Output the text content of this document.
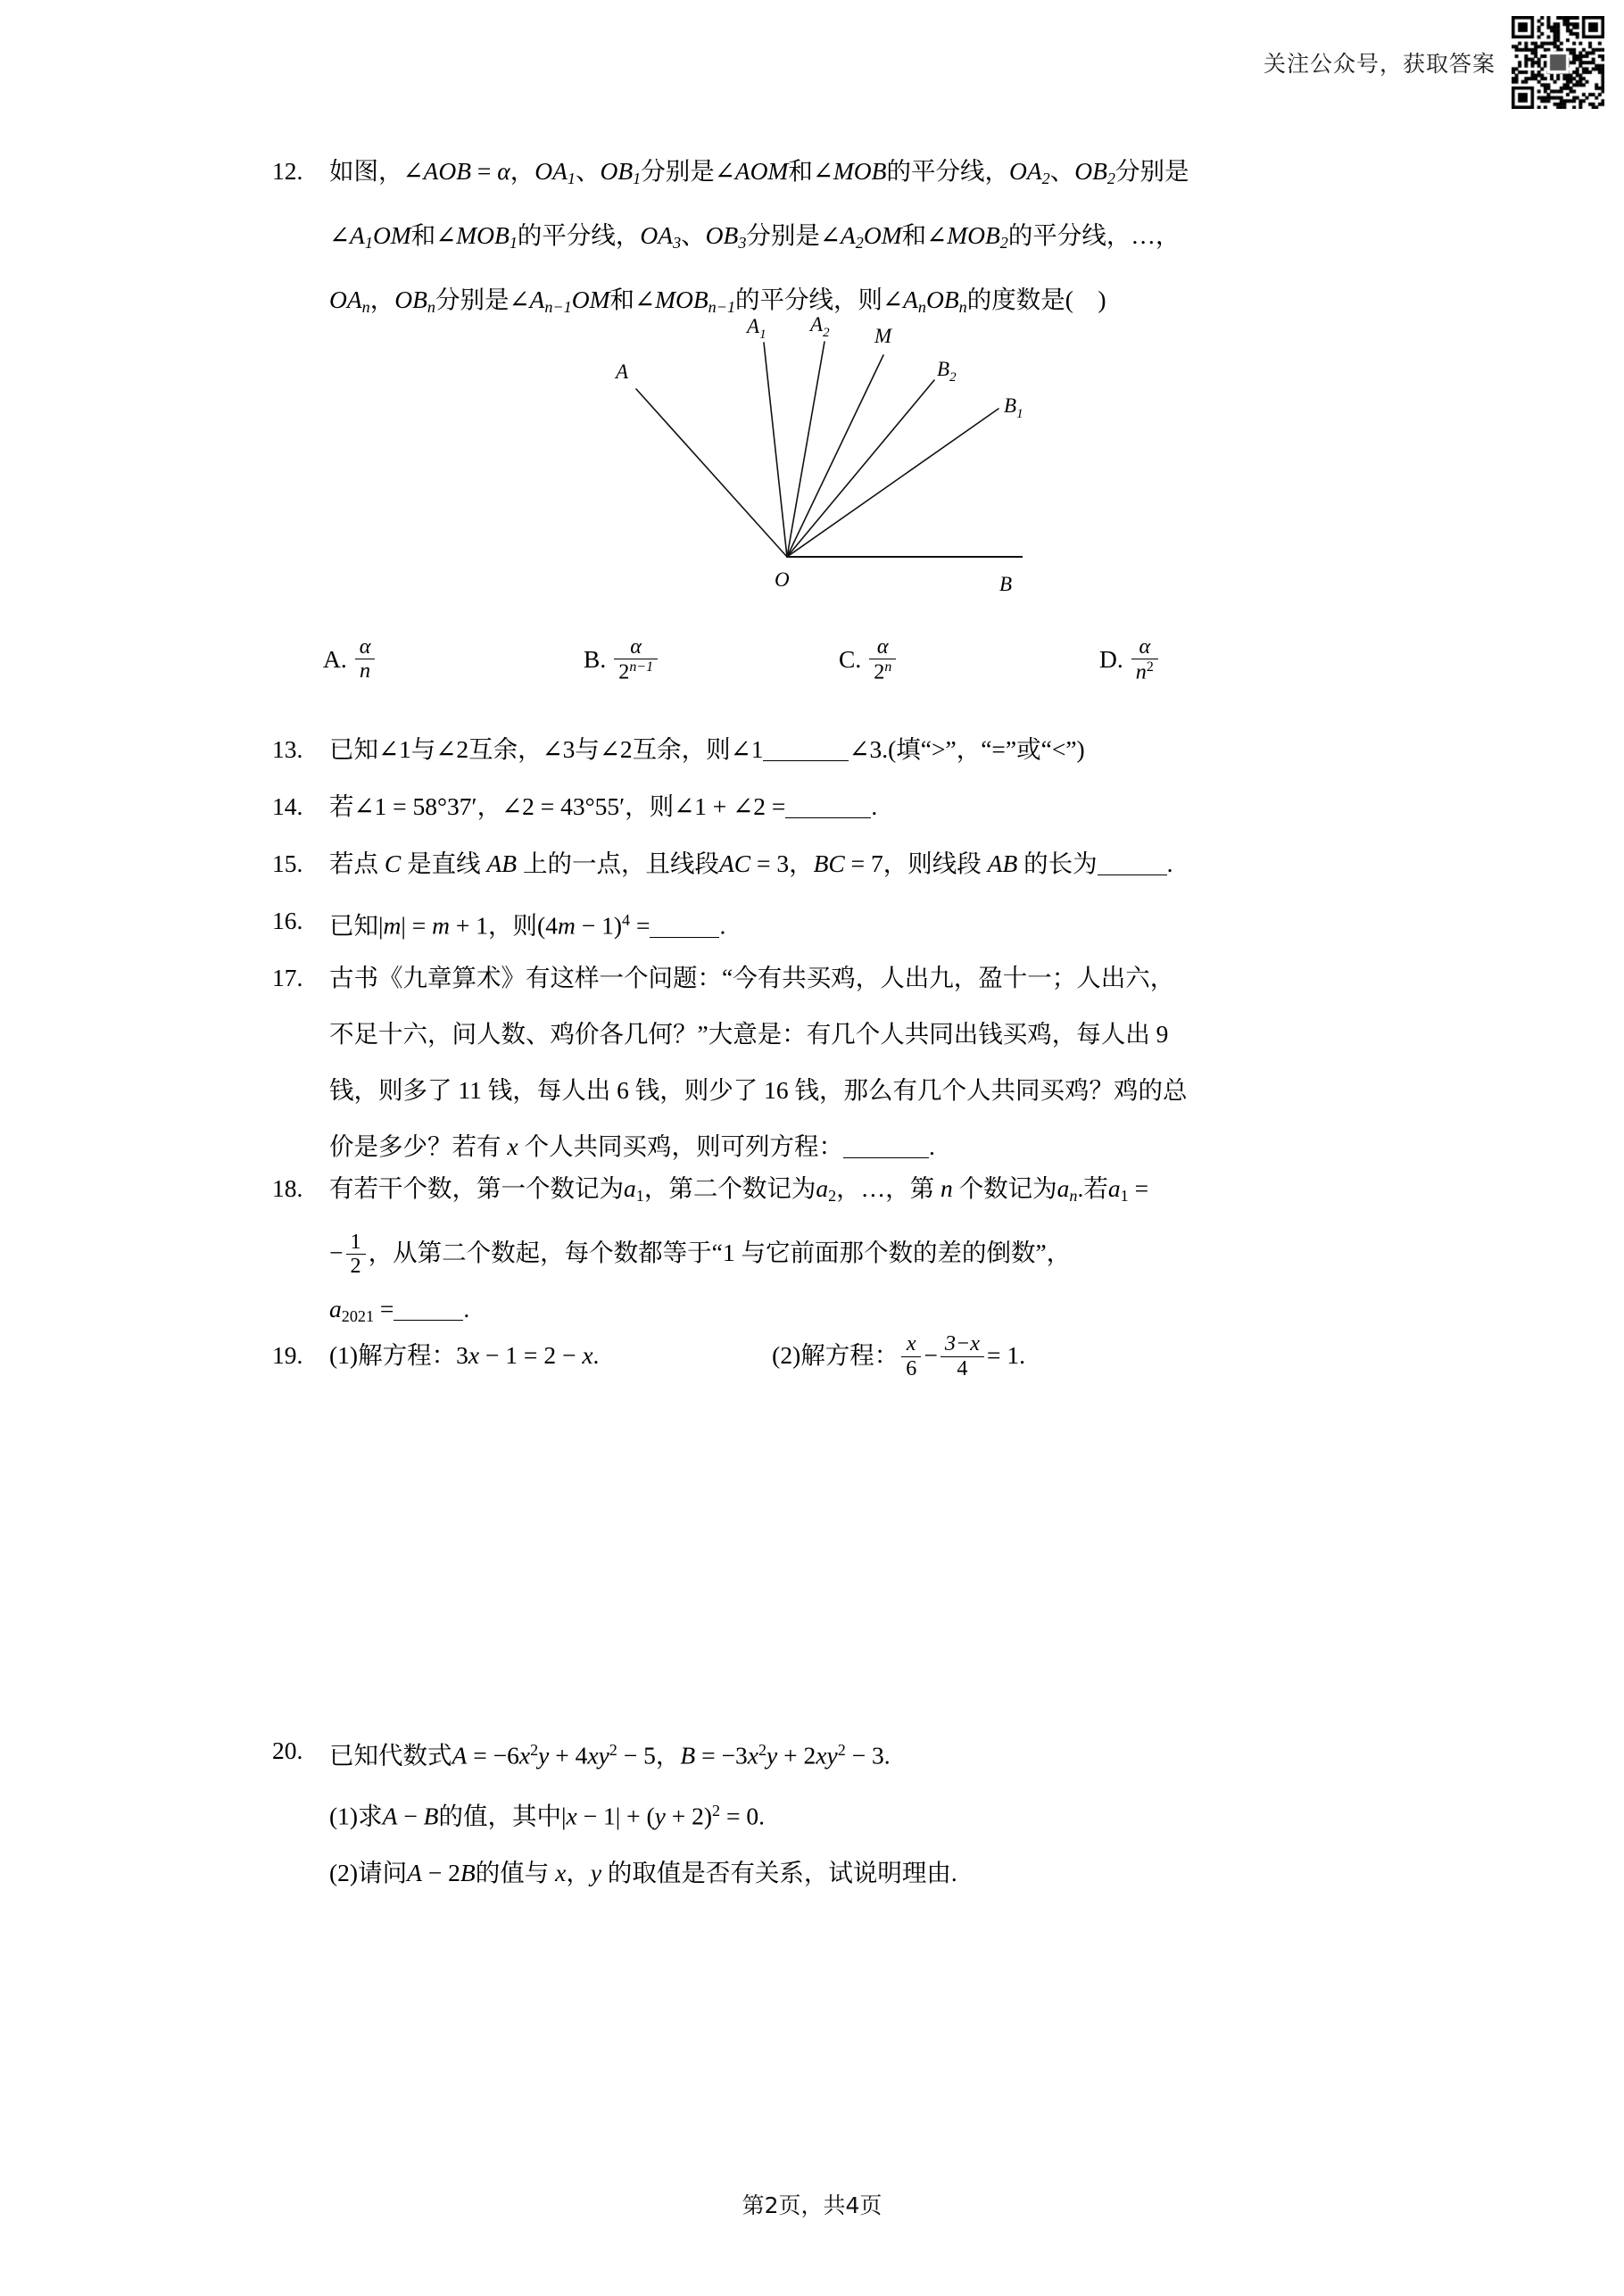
关注公众号，获取答案
12.	如图，∠AOB = α，$OA_1$、$OB_1$分别是∠AOM和∠MOB的平分线，$OA_2$、$OB_2$分别是
$\angle A_1OM$和$\angle MOB_1$的平分线，$OA_3$、$OB_3$分别是$\angle A_2OM$和$\angle MOB_2$的平分线，…，
$OA_n$，$OB_n$分别是$\angle A_{n-1}OM$和$\angle MOB_{n-1}$的平分线，则$\angle A_nOB_n$的度数是(　)
A
$A_1$ $A_2$ M
$B_2$
$B_1$
O	B
A. $\frac{\alpha}{n}$	B. $\frac{\alpha}{2^{n-1}}$	C. $\frac{\alpha}{2^n}$	D. $\frac{\alpha}{n^2}$
13.	已知∠1与∠2互余，∠3与∠2互余，则∠1	∠3.(填“>”，“=”或“<”)
14.	若∠1 = 58°37′，∠2 = 43°55′，则∠1 + ∠2 =	.
15.	若点 C 是直线 AB 上的一点，且线段AC = 3，BC = 7，则线段 AB 的长为	.
16.	已知|m| = m + 1，则$(4m - 1)^4$ =	.
17.	古书《九章算术》有这样一个问题：“今有共买鸡，人出九，盈十一；人出六，
不足十六，问人数、鸡价各几何？”大意是：有几个人共同出钱买鸡，每人出 9
钱，则多了 11 钱，每人出 6 钱，则少了 16 钱，那么有几个人共同买鸡？鸡的总
价是多少？若有 x 个人共同买鸡，则可列方程：	.
18.	有若干个数，第一个数记为$a_1$，第二个数记为$a_2$，…，第 n 个数记为$a_n$.若$a_1$ =
− $\frac{1}{2}$ ，从第二个数起，每个数都等于“1 与它前面那个数的差的倒数”，
$a_{2021}$ =	.
19.	(1)解方程：3x − 1 = 2 − x.	(2)解方程： $\frac{x}{6} - \frac{3-x}{4} = 1$.
20.	已知代数式$A = -6x^2y + 4xy^2 - 5$，$B = -3x^2y + 2xy^2 - 3$.
(1)求A − B的值，其中$|x - 1| + (y + 2)^2 = 0$.
(2)请问A − 2B的值与 x，y 的取值是否有关系，试说明理由.
第2页，共4页
